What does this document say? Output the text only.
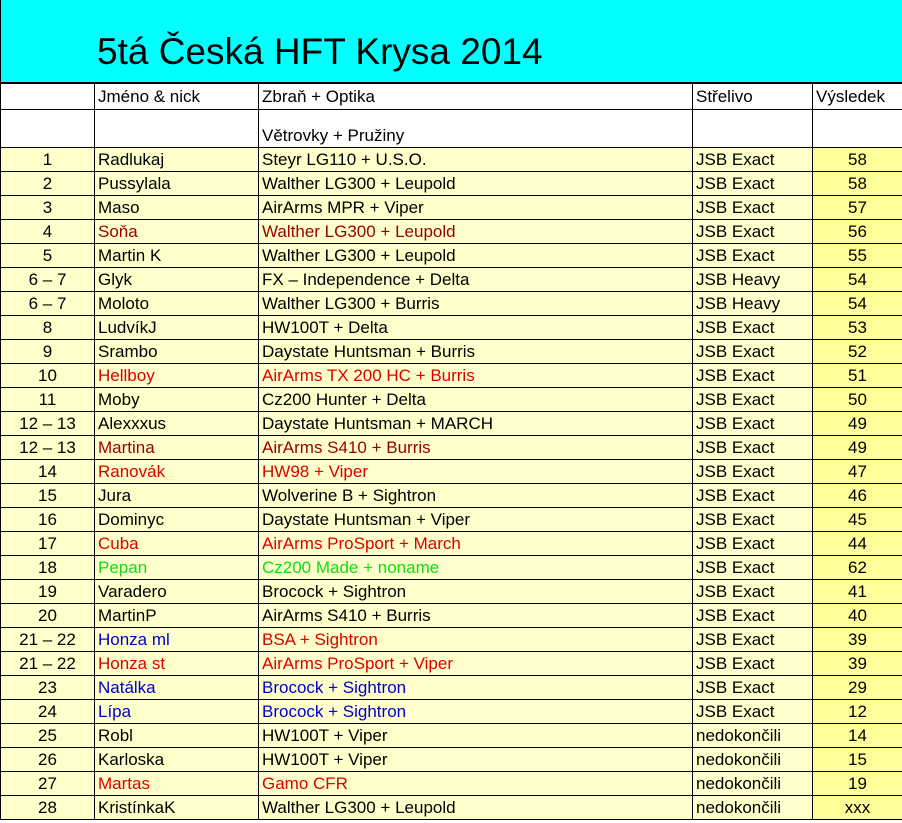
5tá Česká HFT Krysa 2014
	Jméno & nick	Zbraň + Optika	Střelivo	Výsledek
		Větrovky + Pružiny		
1	Radlukaj	Steyr LG110 + U.S.O.	JSB Exact	58
2	Pussylala	Walther LG300 + Leupold	JSB Exact	58
3	Maso	AirArms MPR + Viper	JSB Exact	57
4	Soňa	Walther LG300 + Leupold	JSB Exact	56
5	Martin K	Walther LG300 + Leupold	JSB Exact	55
6 – 7	Glyk	FX – Independence + Delta	JSB Heavy	54
6 – 7	Moloto	Walther LG300 + Burris	JSB Heavy	54
8	LudvíkJ	HW100T + Delta	JSB Exact	53
9	Srambo	Daystate Huntsman + Burris	JSB Exact	52
10	Hellboy	AirArms TX 200 HC + Burris	JSB Exact	51
11	Moby	Cz200 Hunter + Delta	JSB Exact	50
12 – 13	Alexxxus	Daystate Huntsman + MARCH	JSB Exact	49
12 – 13	Martina	AirArms S410 + Burris	JSB Exact	49
14	Ranovák	HW98 + Viper	JSB Exact	47
15	Jura	Wolverine B + Sightron	JSB Exact	46
16	Dominyc	Daystate Huntsman + Viper	JSB Exact	45
17	Cuba	AirArms ProSport + March	JSB Exact	44
18	Pepan	Cz200 Made + noname	JSB Exact	62
19	Varadero	Brocock + Sightron	JSB Exact	41
20	MartinP	AirArms S410 + Burris	JSB Exact	40
21 – 22	Honza ml	BSA + Sightron	JSB Exact	39
21 – 22	Honza st	AirArms ProSport + Viper	JSB Exact	39
23	Natálka	Brocock + Sightron	JSB Exact	29
24	Lípa	Brocock + Sightron	JSB Exact	12
25	Robl	HW100T + Viper	nedokončili	14
26	Karloska	HW100T + Viper	nedokončili	15
27	Martas	Gamo CFR	nedokončili	19
28	KristínkaK	Walther LG300 + Leupold	nedokončili	xxx
